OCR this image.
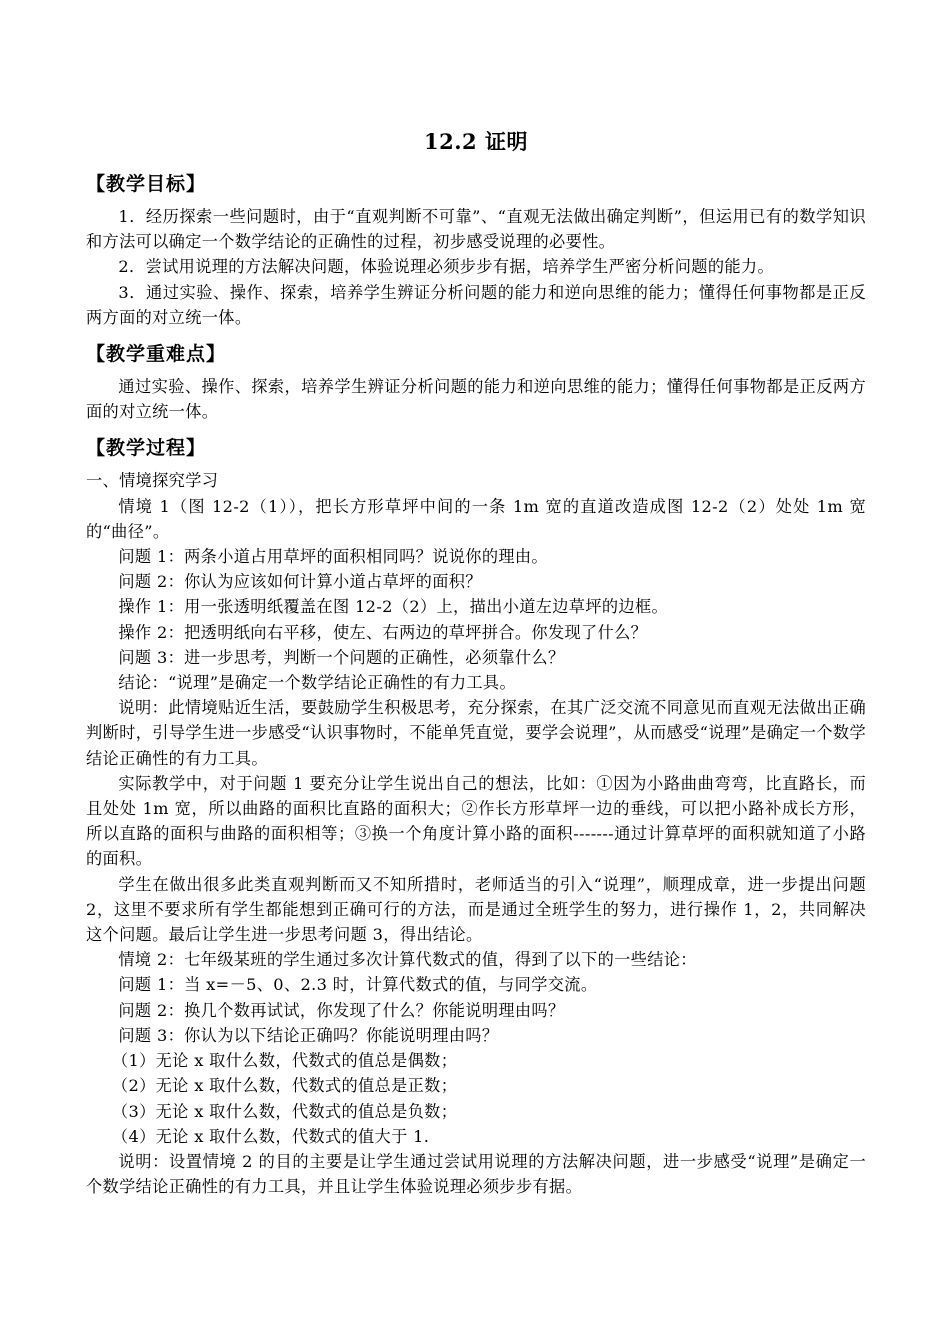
12.2 证明
【教学目标】

1．经历探索一些问题时，由于“直观判断不可靠”、“直观无法做出确定判断”，但运用已有的数学知识和方法可以确定一个数学结论的正确性的过程，初步感受说理的必要性。

2．尝试用说理的方法解决问题，体验说理必须步步有据，培养学生严密分析问题的能力。

3．通过实验、操作、探索，培养学生辨证分析问题的能力和逆向思维的能力；懂得任何事物都是正反两方面的对立统一体。

【教学重难点】

通过实验、操作、探索，培养学生辨证分析问题的能力和逆向思维的能力；懂得任何事物都是正反两方面的对立统一体。

【教学过程】

一、情境探究学习

情境 1（图 12-2（1）），把长方形草坪中间的一条 1m 宽的直道改造成图 12-2（2）处处 1m 宽的“曲径”。

问题 1：两条小道占用草坪的面积相同吗？说说你的理由。

问题 2：你认为应该如何计算小道占草坪的面积？

操作 1：用一张透明纸覆盖在图 12-2（2）上，描出小道左边草坪的边框。

操作 2：把透明纸向右平移，使左、右两边的草坪拼合。你发现了什么？

问题 3：进一步思考，判断一个问题的正确性，必须靠什么？

结论：“说理”是确定一个数学结论正确性的有力工具。

说明：此情境贴近生活，要鼓励学生积极思考，充分探索，在其广泛交流不同意见而直观无法做出正确判断时，引导学生进一步感受“认识事物时，不能单凭直觉，要学会说理”，从而感受“说理”是确定一个数学结论正确性的有力工具。

实际教学中，对于问题 1 要充分让学生说出自己的想法，比如：①因为小路曲曲弯弯，比直路长，而且处处 1m 宽，所以曲路的面积比直路的面积大；②作长方形草坪一边的垂线，可以把小路补成长方形，所以直路的面积与曲路的面积相等；③换一个角度计算小路的面积-------通过计算草坪的面积就知道了小路的面积。

学生在做出很多此类直观判断而又不知所措时，老师适当的引入“说理”，顺理成章，进一步提出问题 2，这里不要求所有学生都能想到正确可行的方法，而是通过全班学生的努力，进行操作 1，2，共同解决这个问题。最后让学生进一步思考问题 3，得出结论。

情境 2：七年级某班的学生通过多次计算代数式的值，得到了以下的一些结论：

问题 1：当 x=－5、0、2.3 时，计算代数式的值，与同学交流。

问题 2：换几个数再试试，你发现了什么？你能说明理由吗？

问题 3：你认为以下结论正确吗？你能说明理由吗？

（1）无论 x 取什么数，代数式的值总是偶数；

（2）无论 x 取什么数，代数式的值总是正数；

（3）无论 x 取什么数，代数式的值总是负数；

（4）无论 x 取什么数，代数式的值大于 1.

说明：设置情境 2 的目的主要是让学生通过尝试用说理的方法解决问题，进一步感受“说理”是确定一个数学结论正确性的有力工具，并且让学生体验说理必须步步有据。
